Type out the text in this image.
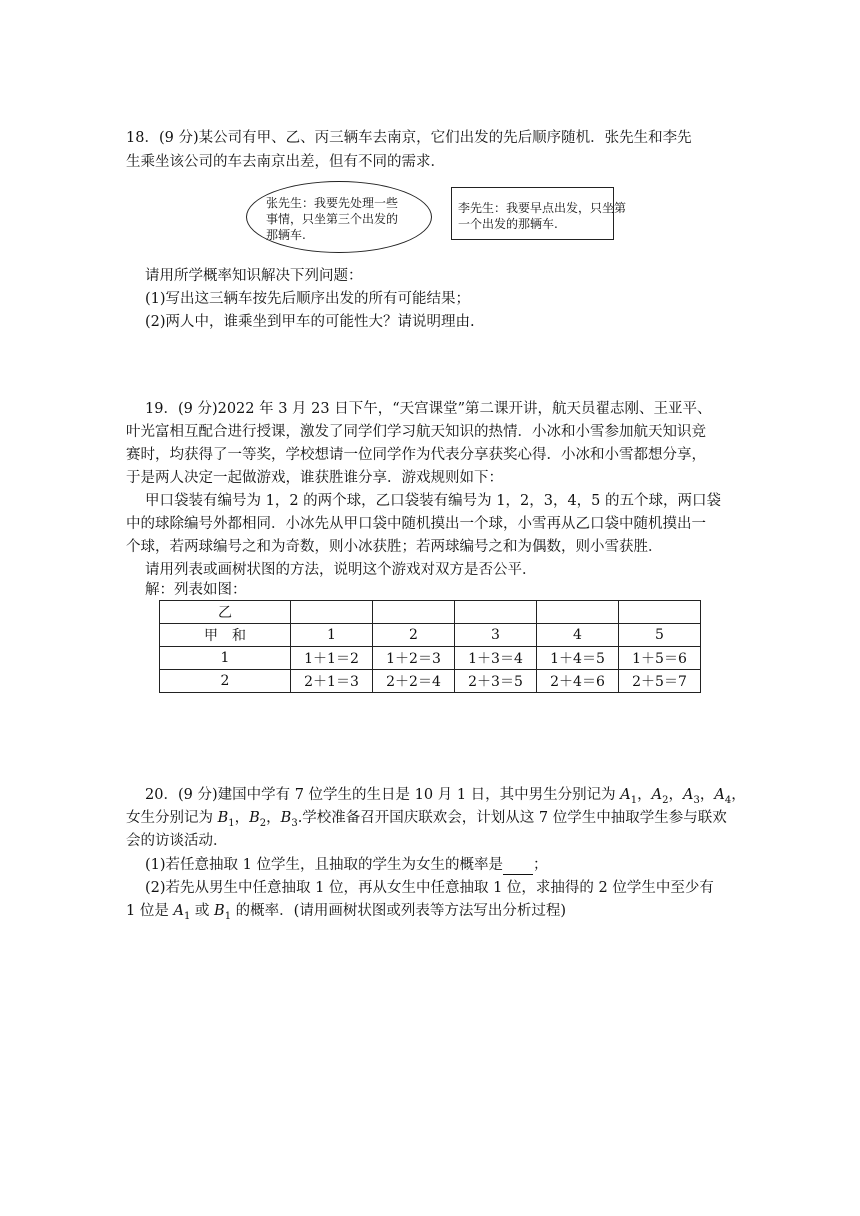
18．(9 分)某公司有甲、乙、丙三辆车去南京，它们出发的先后顺序随机．张先生和李先
生乘坐该公司的车去南京出差，但有不同的需求．
张先生：我要先处理一些
事情，只坐第三个出发的
那辆车.
李先生：我要早点出发，只坐第
一个出发的那辆车.
请用所学概率知识解决下列问题：
(1)写出这三辆车按先后顺序出发的所有可能结果；
(2)两人中，谁乘坐到甲车的可能性大？请说明理由.
19．(9 分)2022 年 3 月 23 日下午，“天宫课堂”第二课开讲，航天员翟志刚、王亚平、
叶光富相互配合进行授课，激发了同学们学习航天知识的热情．小冰和小雪参加航天知识竞
赛时，均获得了一等奖，学校想请一位同学作为代表分享获奖心得．小冰和小雪都想分享，
于是两人决定一起做游戏，谁获胜谁分享．游戏规则如下：
甲口袋装有编号为 1，2 的两个球，乙口袋装有编号为 1，2，3，4，5 的五个球，两口袋
中的球除编号外都相同．小冰先从甲口袋中随机摸出一个球，小雪再从乙口袋中随机摸出一
个球，若两球编号之和为奇数，则小冰获胜；若两球编号之和为偶数，则小雪获胜．
请用列表或画树状图的方法，说明这个游戏对双方是否公平．
解：列表如图：
乙					
甲　和	1	2	3	4	5
1	1＋1＝2	1＋2＝3	1＋3＝4	1＋4＝5	1＋5＝6
2	2＋1＝3	2＋2＝4	2＋3＝5	2＋4＝6	2＋5＝7
20．(9 分)建国中学有 7 位学生的生日是 10 月 1 日，其中男生分别记为 $A_1$，$A_2$，$A_3$，$A_4$，
女生分别记为 $B_1$，$B_2$，$B_3$.学校准备召开国庆联欢会，计划从这 7 位学生中抽取学生参与联欢
会的访谈活动．
(1)若任意抽取 1 位学生，且抽取的学生为女生的概率是 ；
(2)若先从男生中任意抽取 1 位，再从女生中任意抽取 1 位，求抽得的 2 位学生中至少有
1 位是 $A_1$ 或 $B_1$ 的概率．(请用画树状图或列表等方法写出分析过程)
